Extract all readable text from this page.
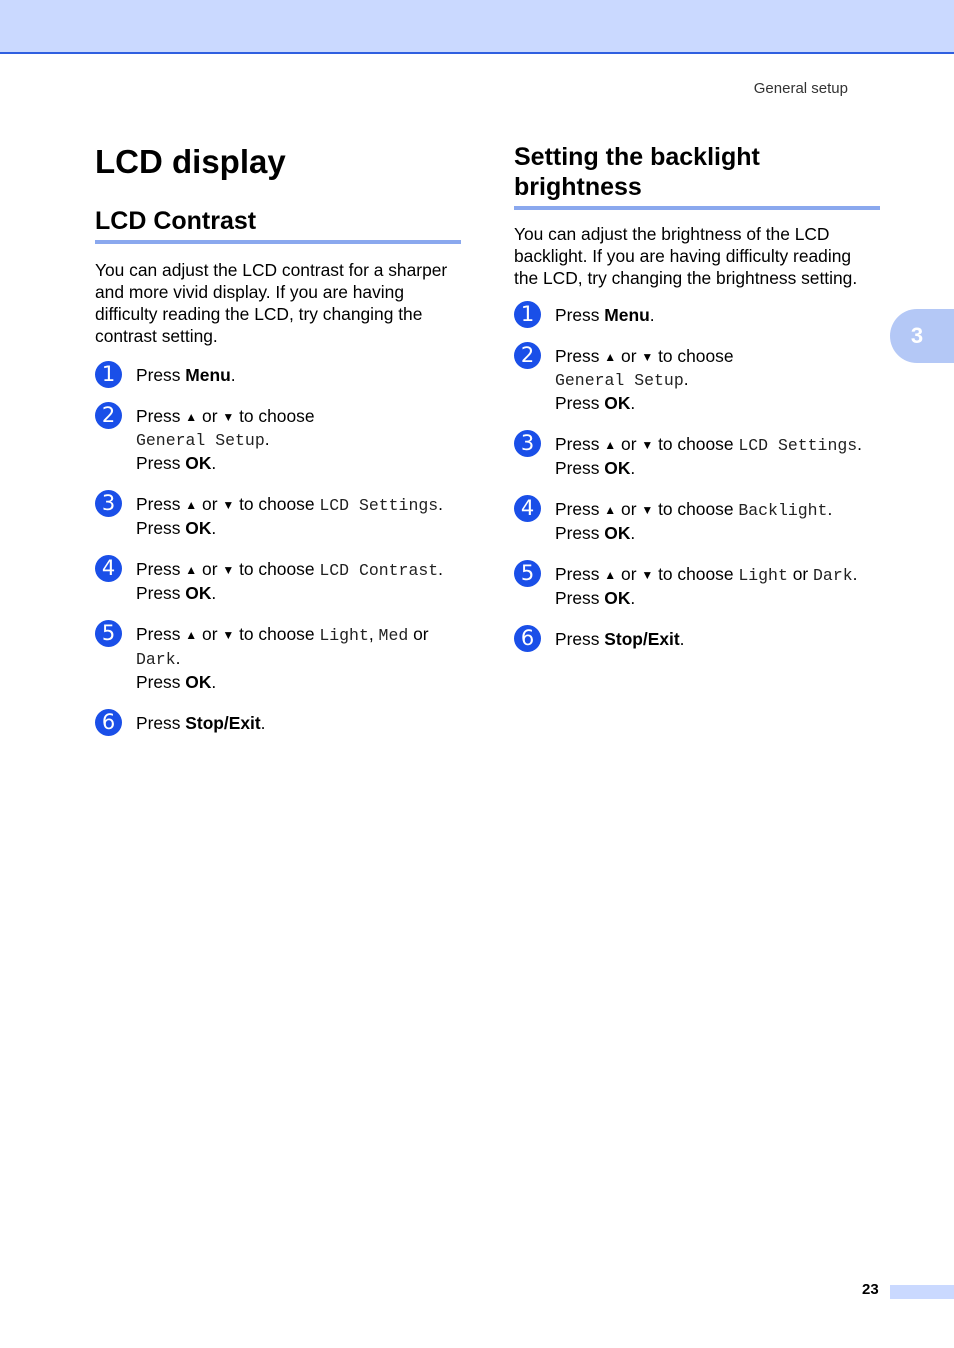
General setup
3
LCD display
LCD Contrast

You can adjust the LCD contrast for a sharper and more vivid display. If you are having difficulty reading the LCD, try changing the contrast setting.

1	Press Menu.
2	Press ▲ or ▼ to choose
General Setup.
Press OK.
3	Press ▲ or ▼ to choose LCD Settings.
Press OK.
4	Press ▲ or ▼ to choose LCD Contrast.
Press OK.
5	Press ▲ or ▼ to choose Light, Med or
Dark.
Press OK.
6	Press Stop/Exit.
Setting the backlight brightness

You can adjust the brightness of the LCD backlight. If you are having difficulty reading the LCD, try changing the brightness setting.

1	Press Menu.
2	Press ▲ or ▼ to choose
General Setup.
Press OK.
3	Press ▲ or ▼ to choose LCD Settings.
Press OK.
4	Press ▲ or ▼ to choose Backlight.
Press OK.
5	Press ▲ or ▼ to choose Light or Dark.
Press OK.
6	Press Stop/Exit.
23
